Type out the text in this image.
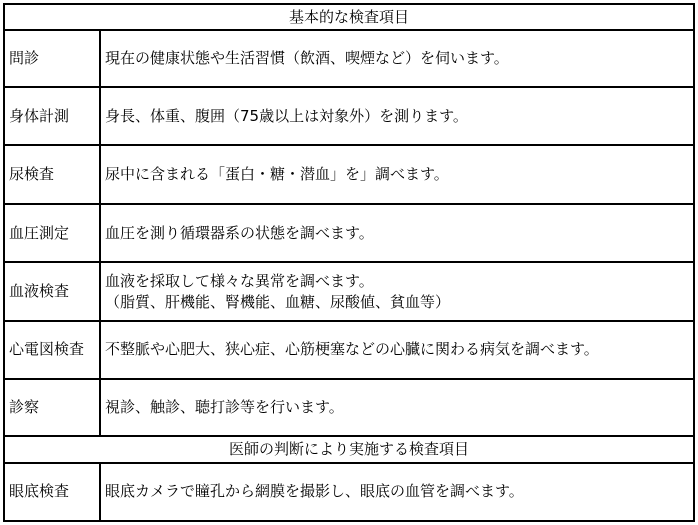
基本的な検査項目	
問診	現在の健康状態や生活習慣（飲酒、喫煙など）を伺います。
身体計測	身長、体重、腹囲（75歳以上は対象外）を測ります。
尿検査	尿中に含まれる「蛋白・糖・潜血」を」調べます。
血圧測定	血圧を測り循環器系の状態を調べます。
血液検査	血液を採取して様々な異常を調べます。
（脂質、肝機能、腎機能、血糖、尿酸値、貧血等）

心電図検査	不整脈や心肥大、狭心症、心筋梗塞などの心臓に関わる病気を調べます。
診察	視診、触診、聴打診等を行います。
医師の判断により実施する検査項目	
眼底検査	眼底カメラで瞳孔から網膜を撮影し、眼底の血管を調べます。
